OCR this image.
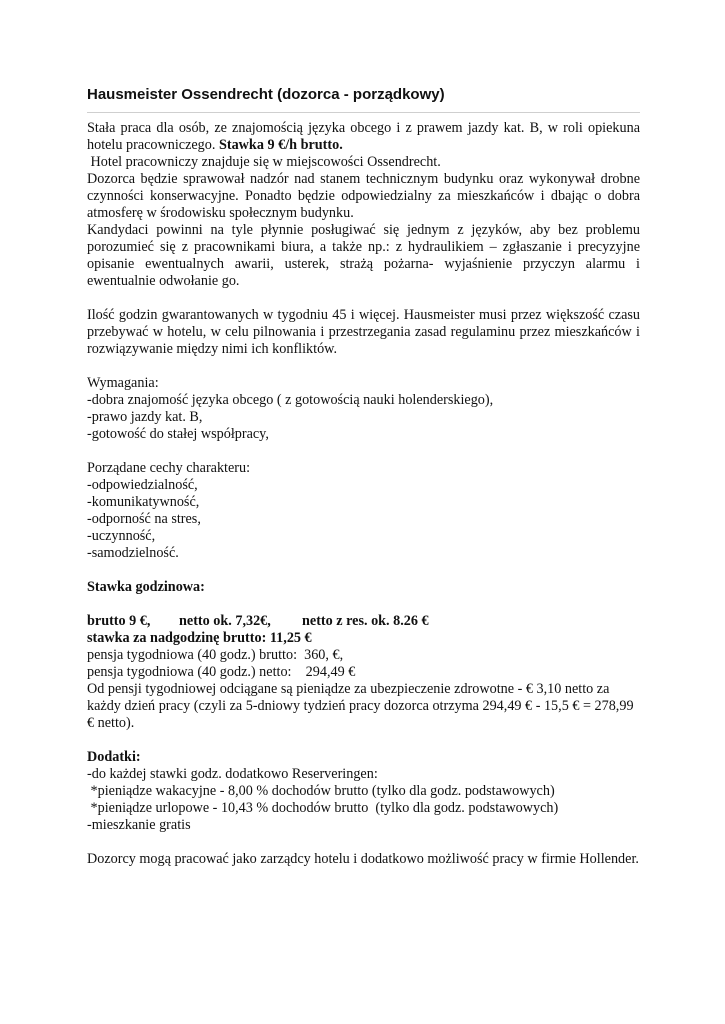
Hausmeister Ossendrecht (dozorca - porządkowy)

Stała praca dla osób, ze znajomością języka obcego i z prawem jazdy kat. B, w roli opiekuna

hotelu pracowniczego. Stawka 9 €/h brutto.

Hotel pracowniczy znajduje się w miejscowości Ossendrecht.

Dozorca będzie sprawował nadzór nad stanem technicznym budynku oraz wykonywał drobne czynności konserwacyjne. Ponadto będzie odpowiedzialny za mieszkańców i dbając o dobra atmosferę w środowisku społecznym budynku.

Kandydaci powinni na tyle płynnie posługiwać się jednym z języków, aby bez problemu porozumieć się z pracownikami biura, a także np.: z hydraulikiem – zgłaszanie i precyzyjne opisanie ewentualnych awarii, usterek, strażą pożarna- wyjaśnienie przyczyn alarmu i ewentualnie odwołanie go.

Ilość godzin gwarantowanych w tygodniu 45 i więcej. Hausmeister musi przez większość czasu przebywać w hotelu, w celu pilnowania i przestrzegania zasad regulaminu przez mieszkańców i rozwiązywanie między nimi ich konfliktów.

Wymagania:

-dobra znajomość języka obcego ( z gotowością nauki holenderskiego),

-prawo jazdy kat. B,

-gotowość do stałej współpracy,

Porządane cechy charakteru:

-odpowiedzialność,

-komunikatywność,

-odporność na stres,

-uczynność,

-samodzielność.

Stawka godzinowa:

brutto 9 €, netto ok. 7,32€, netto z res. ok. 8.26 €

stawka za nadgodzinę brutto: 11,25 €

pensja tygodniowa (40 godz.) brutto:  360, €,

pensja tygodniowa (40 godz.) netto:    294,49 €

Od pensji tygodniowej odciągane są pieniądze za ubezpieczenie zdrowotne - € 3,10 netto za każdy dzień pracy (czyli za 5-dniowy tydzień pracy dozorca otrzyma 294,49 € - 15,5 € = 278,99 € netto).

Dodatki:

-do każdej stawki godz. dodatkowo Reserveringen:

*pieniądze wakacyjne - 8,00 % dochodów brutto (tylko dla godz. podstawowych)

*pieniądze urlopowe - 10,43 % dochodów brutto  (tylko dla godz. podstawowych)

-mieszkanie gratis

Dozorcy mogą pracować jako zarządcy hotelu i dodatkowo możliwość pracy w firmie Hollender.
